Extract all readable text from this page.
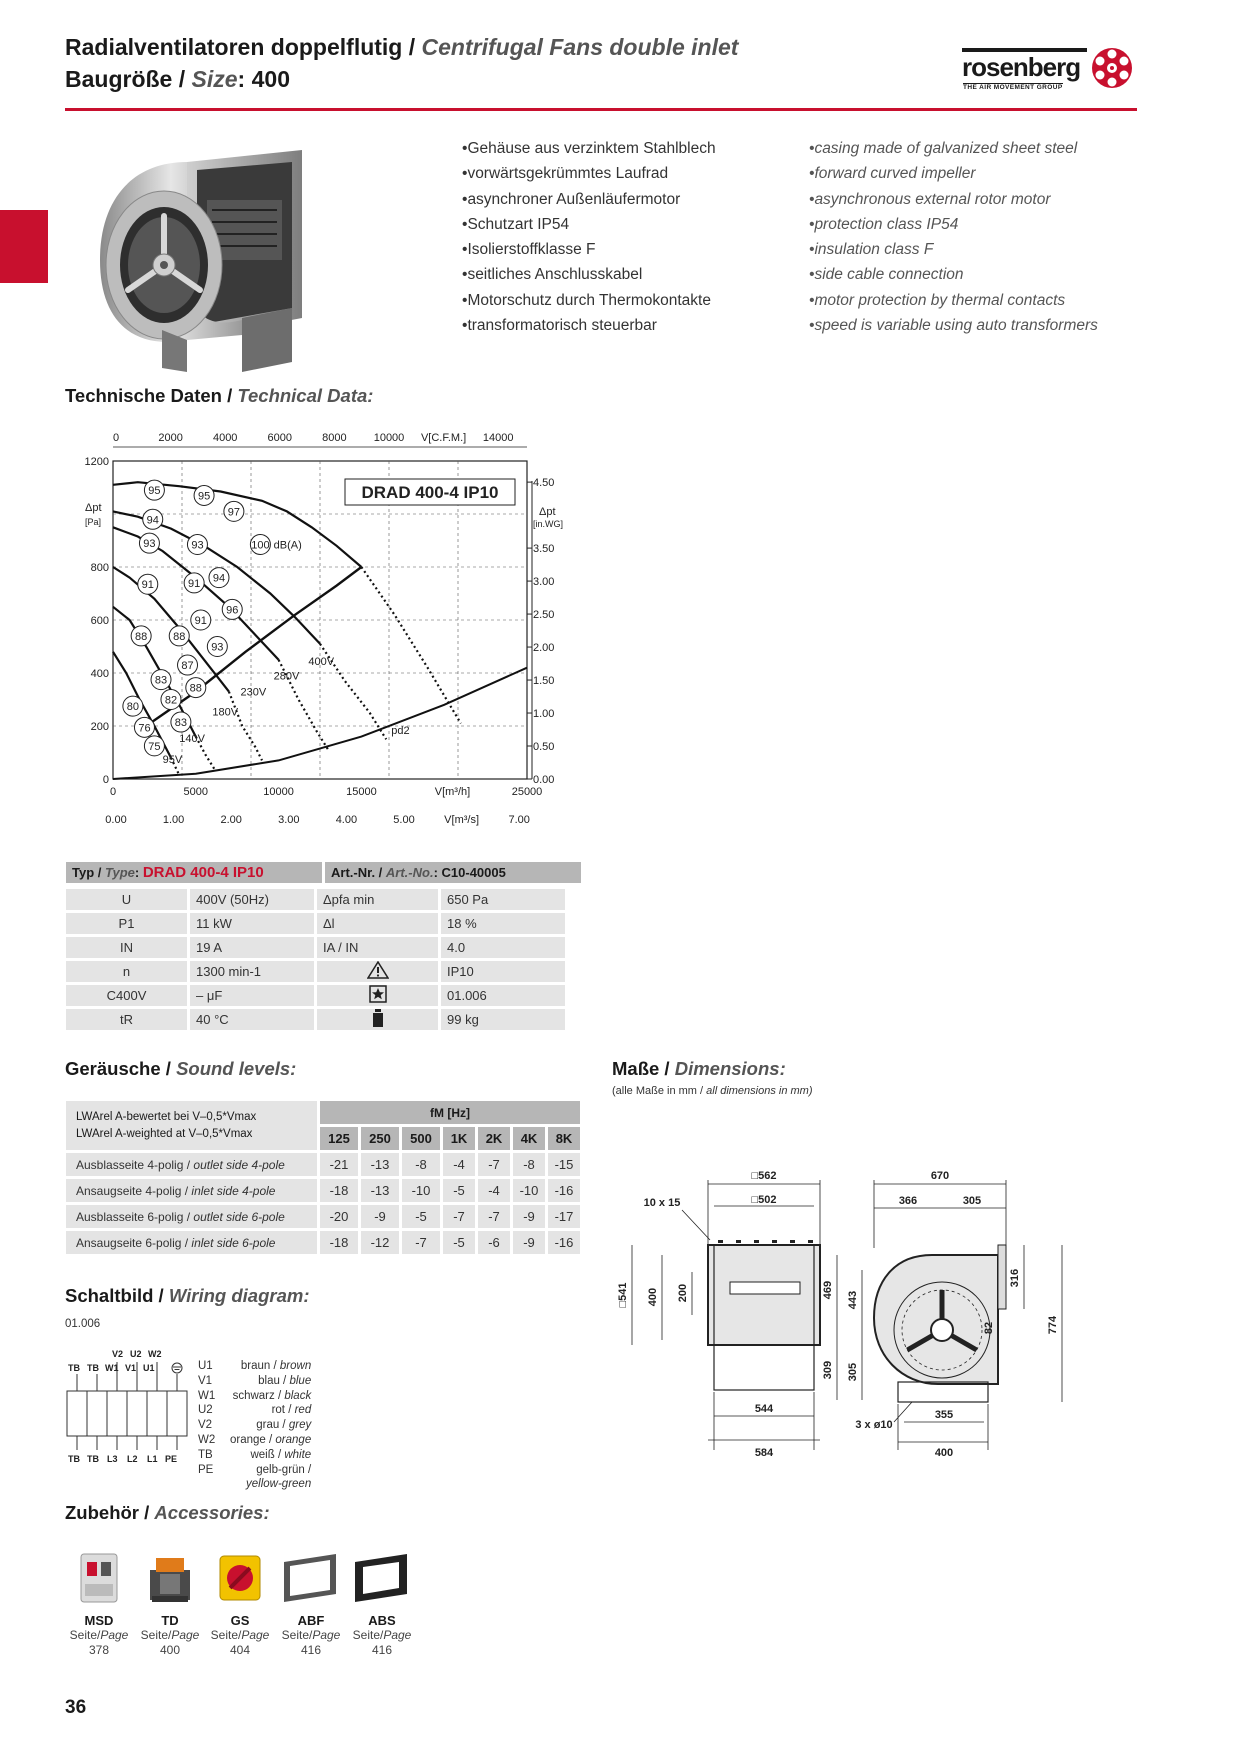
Radialventilatoren doppelflutig / Centrifugal Fans double inlet
Baugröße / Size: 400	rosenberg
THE AIR MOVEMENT GROUP
• Gehäuse aus verzinktem Stahlblech
• vorwärtsgekrümmtes Laufrad
• asynchroner Außenläufermotor
• Schutzart IP54
• Isolierstoffklasse F
• seitliches Anschlusskabel
• Motorschutz durch Thermokontakte
• transformatorisch steuerbar
• casing made of galvanized sheet steel
• forward curved impeller
• asynchronous external rotor motor
• protection class IP54
• insulation class F
• side cable connection
• motor protection by thermal contacts
• speed is variable using auto transformers
Technische Daten / Technical Data:
0
200
400
600
800
1200
0.00
0.50
1.00
1.50
2.00
2.50
3.00
3.50
4.50
0	5000	10000	15000	25000
V[m³/h]
0.00	1.00	2.00	3.00	4.00	5.00	7.00
V[m³/s]
0	2000	4000	6000	8000 10000	14000
V[C.F.M.]
Δpt
[Pa]
Δpt
[in.WG]
DRAD 400-4 IP10
pd2
400V
280V
230V
180V
140V
95V
95	95
97
94
93	93	100
94
91	91
96
91
88 88
93
87
83
88
82
80
83
76
75
dB(A)
Typ / Type: DRAD 400-4 IP10	Art.-Nr. / Art.-No.: C10-40005
U	400V (50Hz)	Δpfa min	650 Pa
P1	11 kW	Δl	18 %
IN	19 A	IA / IN	4.0
n	1300 min-1		IP10
C400V	– μF		01.006
tR	40 °C		99 kg
Geräusche / Sound levels:
LWArel A-bewertet bei V–0,5*Vmax
LWArel A-weighted at V–0,5*Vmax	fM [Hz]						
	125	250	500	1K	2K	4K	8K
Ausblasseite 4-polig / outlet side 4-pole	-21	-13	-8	-4	-7	-8	-15
Ansaugseite 4-polig / inlet side 4-pole	-18	-13	-10	-5	-4	-10	-16
Ausblasseite 6-polig / outlet side 6-pole	-20	-9	-5	-7	-7	-9	-17
Ansaugseite 6-polig / inlet side 6-pole	-18	-12	-7	-5	-6	-9	-16
Maße / Dimensions:
(alle Maße in mm / all dimensions in mm)
□562
□502
10 x 15
□541 400 200
544
584
670
366	305
469
309
443
305
316
82	774
3 x ø10
355
400
Schaltbild / Wiring diagram:
01.006
V2 U2 W2
TB TB W1 V1 U1
TB TB L3 L2 L1 PE
U1	braun / brown
V1	blau / blue
W1	schwarz / black
U2	rot / red
V2	grau / grey
W2	orange / orange
TB	weiß / white
PE	gelb-grün /
yellow-green
Zubehör / Accessories:
MSD
Seite/Page
378
TD
Seite/Page
400
GS
Seite/Page
404
ABF
Seite/Page
416
ABS
Seite/Page
416
36
